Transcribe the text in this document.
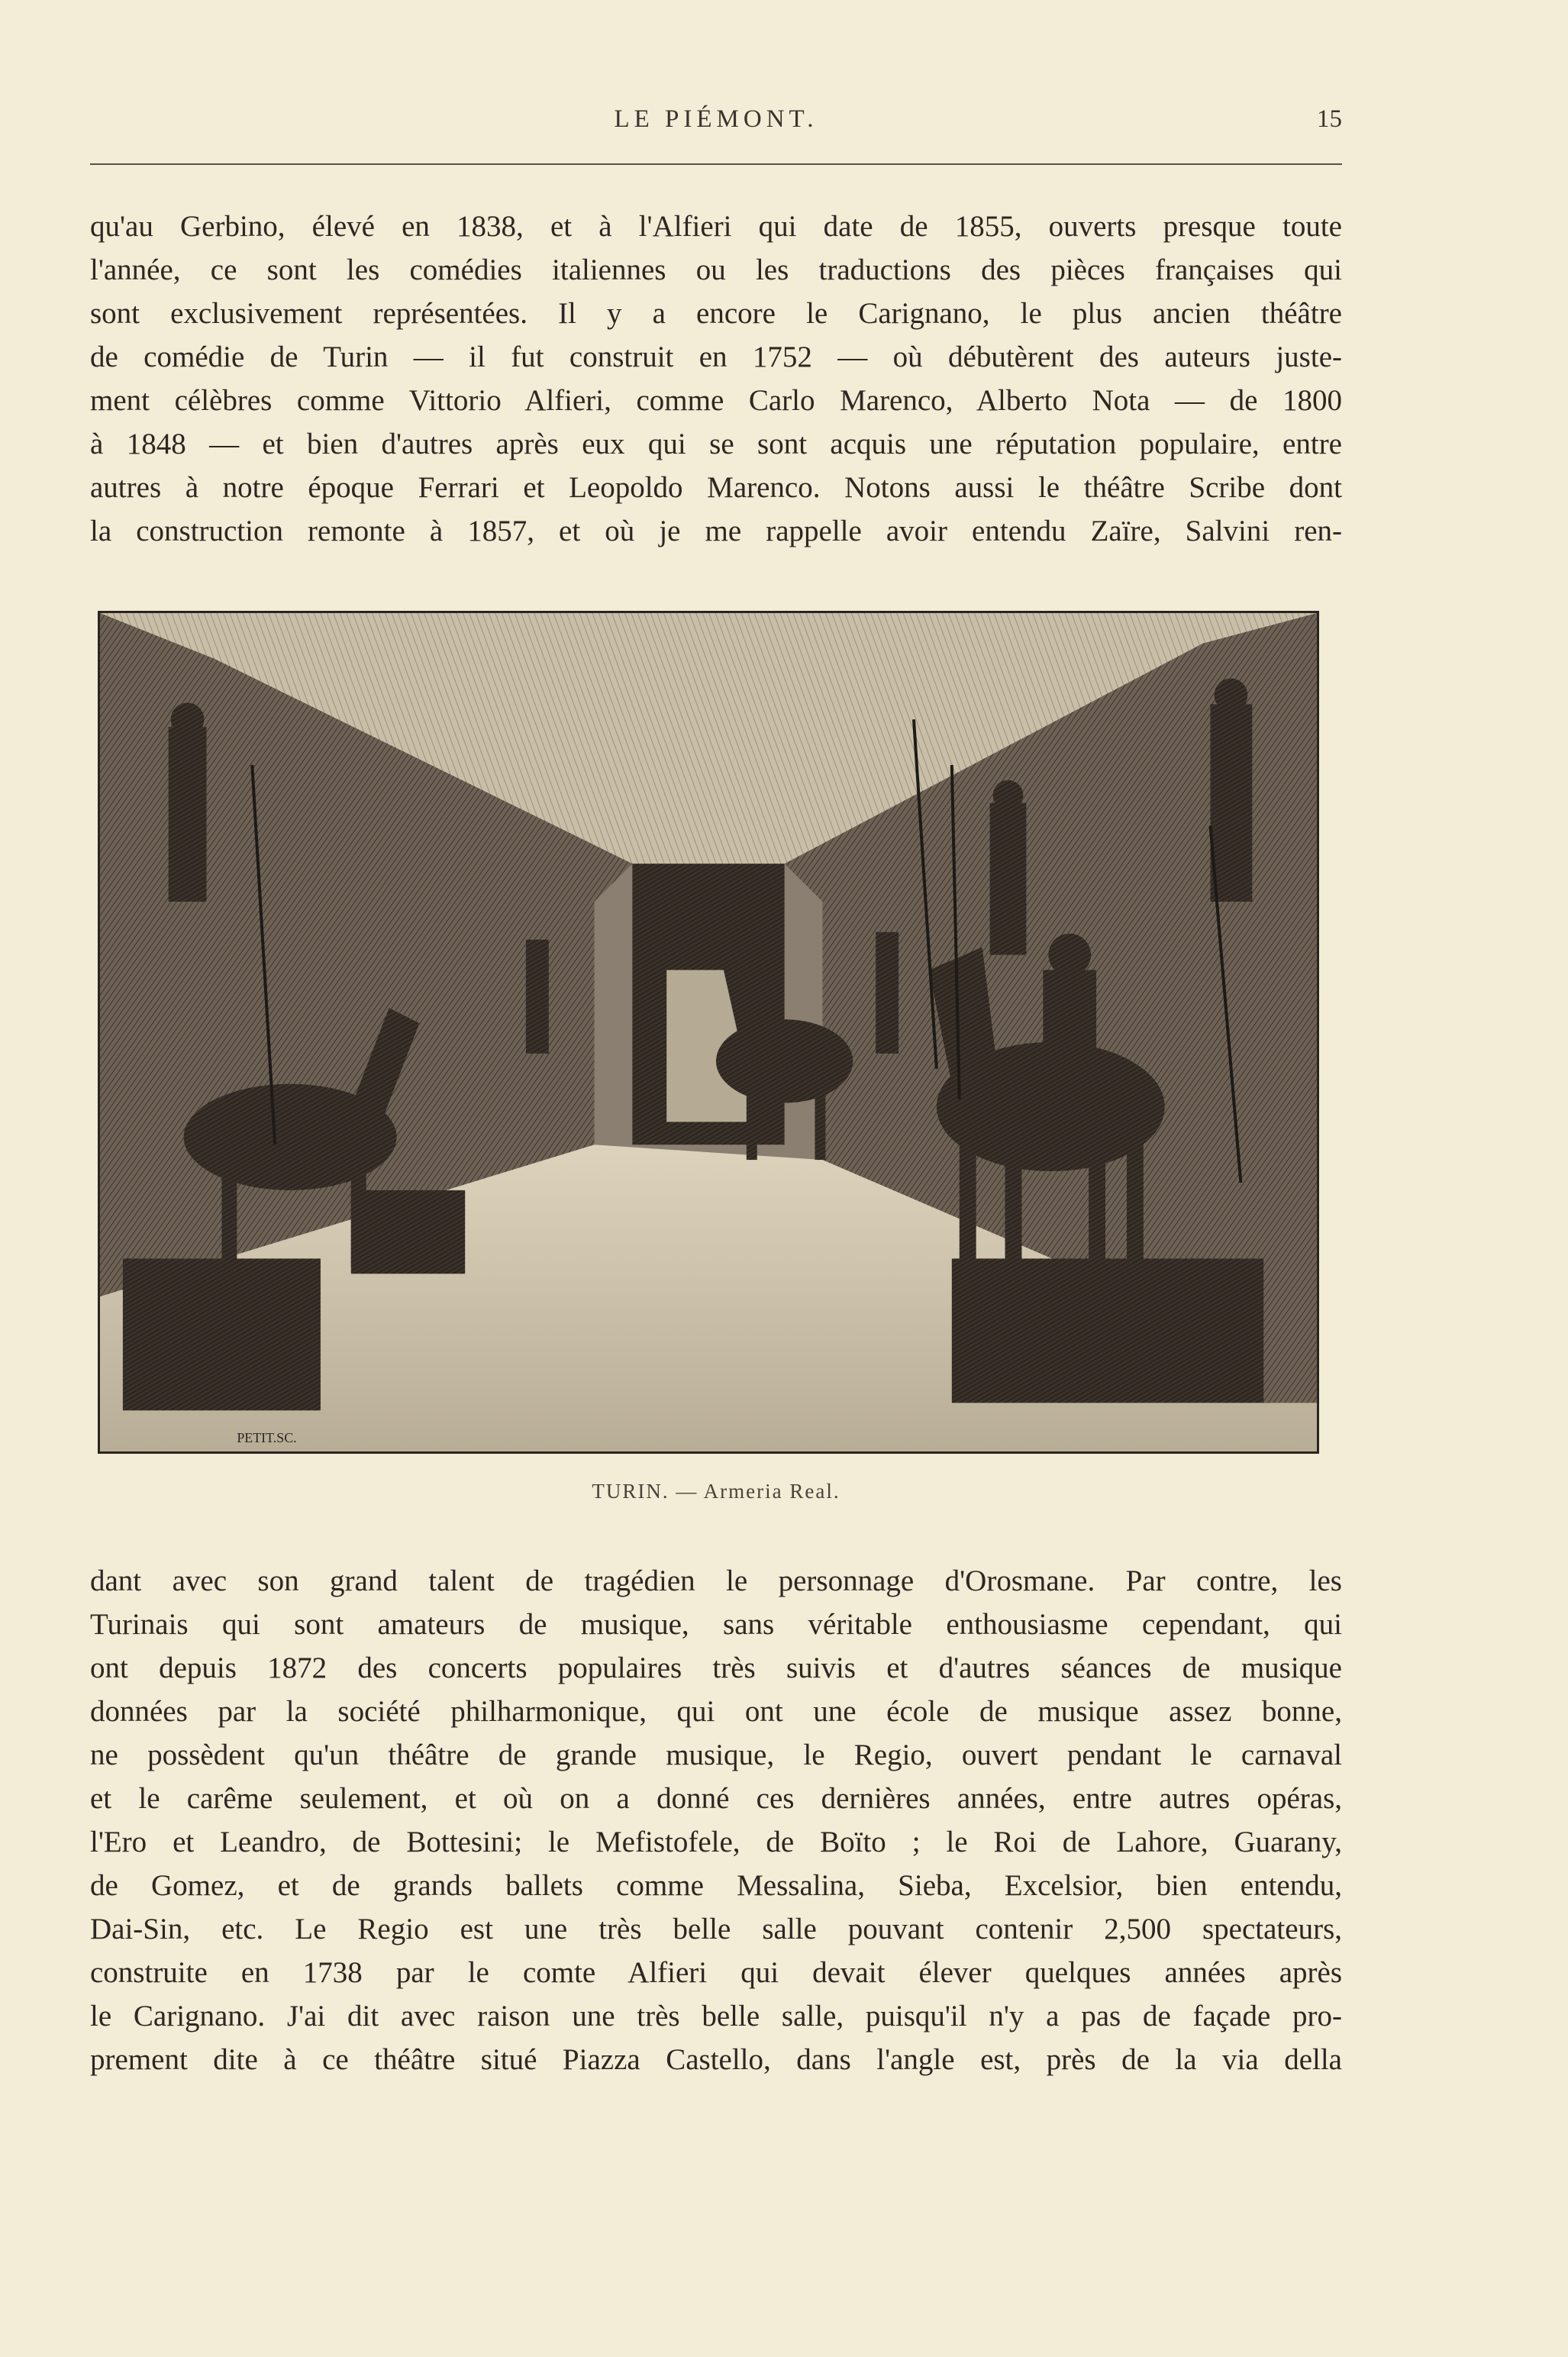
LE PIÉMONT.	15
qu'au Gerbino, élevé en 1838, et à l'Alfieri qui date de 1855, ouverts presque toute
l'année, ce sont les comédies italiennes ou les traductions des pièces françaises qui
sont exclusivement représentées. Il y a encore le Carignano, le plus ancien théâtre
de comédie de Turin — il fut construit en 1752 — où débutèrent des auteurs juste-
ment célèbres comme Vittorio Alfieri, comme Carlo Marenco, Alberto Nota — de 1800
à 1848 — et bien d'autres après eux qui se sont acquis une réputation populaire, entre
autres à notre époque Ferrari et Leopoldo Marenco. Notons aussi le théâtre Scribe dont
la construction remonte à 1857, et où je me rappelle avoir entendu Zaïre, Salvini ren-
PETIT.SC.
TURIN. — Armeria Real.
dant avec son grand talent de tragédien le personnage d'Orosmane. Par contre, les
Turinais qui sont amateurs de musique, sans véritable enthousiasme cependant, qui
ont depuis 1872 des concerts populaires très suivis et d'autres séances de musique
données par la société philharmonique, qui ont une école de musique assez bonne,
ne possèdent qu'un théâtre de grande musique, le Regio, ouvert pendant le carnaval
et le carême seulement, et où on a donné ces dernières années, entre autres opéras,
l'Ero et Leandro, de Bottesini; le Mefistofele, de Boïto ; le Roi de Lahore, Guarany,
de Gomez, et de grands ballets comme Messalina, Sieba, Excelsior, bien entendu,
Dai-Sin, etc. Le Regio est une très belle salle pouvant contenir 2,500 spectateurs,
construite en 1738 par le comte Alfieri qui devait élever quelques années après
le Carignano. J'ai dit avec raison une très belle salle, puisqu'il n'y a pas de façade pro-
prement dite à ce théâtre situé Piazza Castello, dans l'angle est, près de la via della
